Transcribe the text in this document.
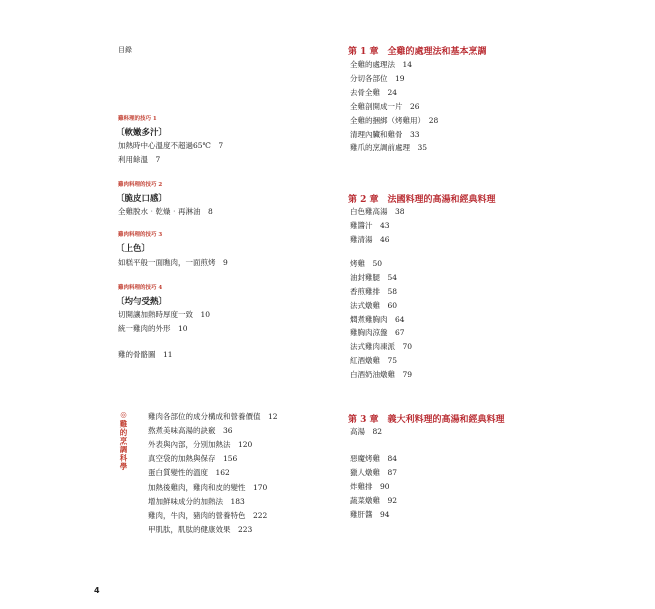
目錄
雞料理的技巧 1
〔軟嫩多汁〕
加熱時中心溫度不超過65℃　7
利用餘溫　7
雞肉料理的技巧 2
〔脆皮口感〕
全雞脫水‧乾燥‧再淋油　8
雞肉料理的技巧 3
〔上色〕
如糕平般一面瞧肉，一面煎烤　9
雞肉料理的技巧 4
〔均勻受熱〕
切開讓加熱時厚度一致　10
統一雞肉的外形　10
雞的骨骼圖　11
◎雞的烹調科學	雞肉各部位的成分構成和營養價值　12
熬煮美味高湯的訣竅　36
外表與內部，分別加熱法　120
真空袋的加熱與保存　156
蛋白質變性的溫度　162
加熱後雞肉，雞肉和皮的變性　170
增加鮮味成分的加熱法　183
雞肉，牛肉，豬肉的營養特色　222
甲肌肽，肌肽的健康效果　223
第 1 章　全雞的處理法和基本烹調
全雞的處理法　14
分切各部位　19
去骨全雞　24
全雞剖開成一片　26
全雞的捆綁（烤雞用）　28
清理內臟和雞骨　33
雞爪的烹調前處理　35
第 2 章　法國料理的高湯和經典料理
白色雞高湯　38
雞醬汁　43
雞清湯　46
烤雞　50
油封雞腿　54
香煎雞排　58
法式燉雞　60
燜煮雞胸肉　64
雞胸肉涼盤　67
法式雞肉凍派　70
紅酒燉雞　75
白酒奶油燉雞　79
第 3 章　義大利料理的高湯和經典料理
高湯　82
惡魔烤雞　84
獵人燉雞　87
炸雞排　90
蔬菜燉雞　92
雞肝醬　94
4
